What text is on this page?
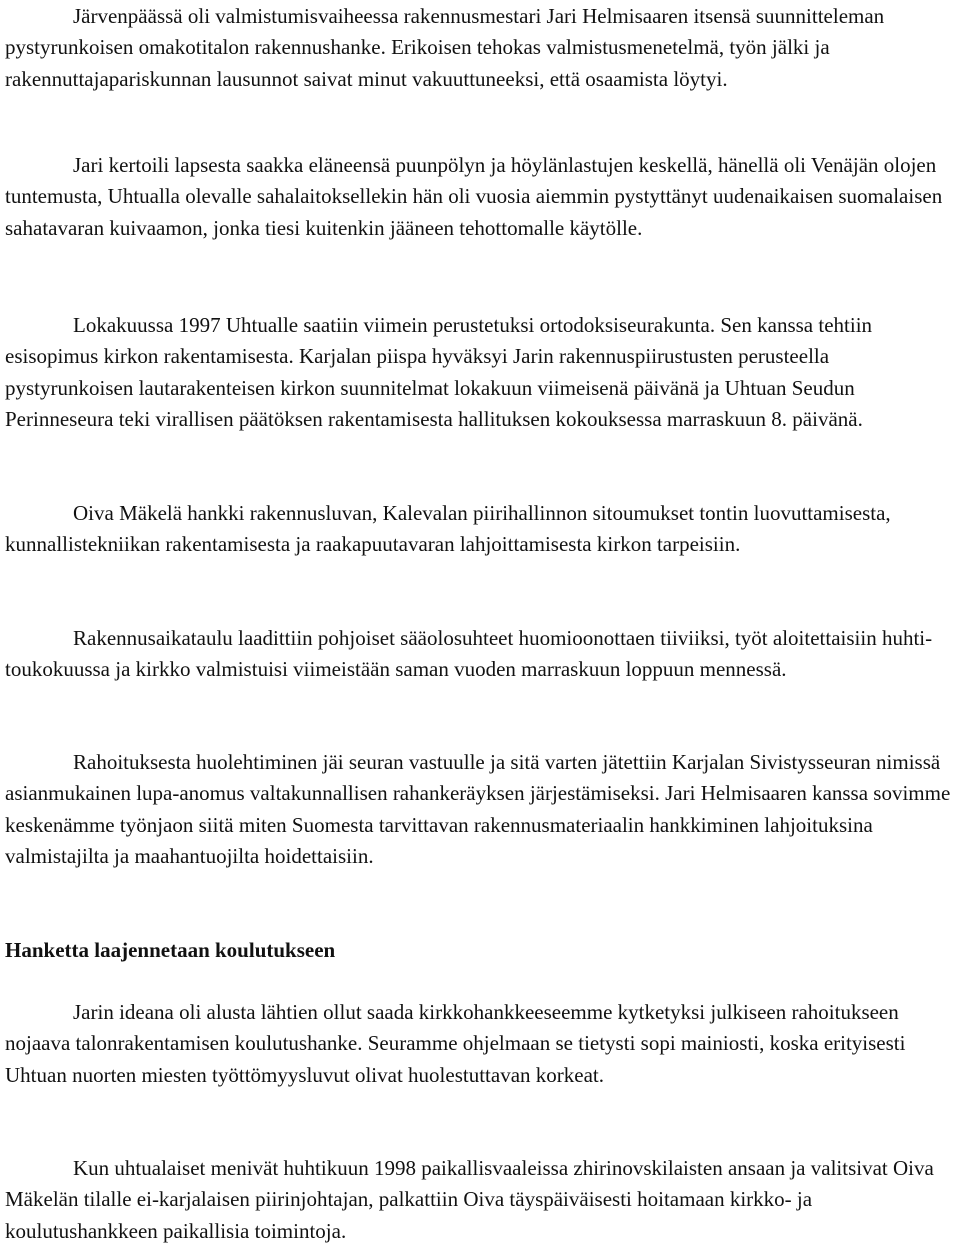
Järvenpäässä oli valmistumisvaiheessa rakennusmestari Jari Helmisaaren itsensä suunnitteleman pystyrunkoisen omakotitalon rakennushanke. Erikoisen tehokas valmistusmenetelmä, työn jälki ja rakennuttajapariskunnan lausunnot saivat minut vakuuttuneeksi, että osaamista löytyi.

Jari kertoili lapsesta saakka eläneensä puunpölyn ja höylänlastujen keskellä, hänellä oli Venäjän olojen tuntemusta, Uhtualla olevalle sahalaitoksellekin hän oli vuosia aiemmin pystyttänyt uudenaikaisen suomalaisen sahatavaran kuivaamon, jonka tiesi kuitenkin jääneen tehottomalle käytölle.

Lokakuussa 1997 Uhtualle saatiin viimein perustetuksi ortodoksiseurakunta. Sen kanssa tehtiin esisopimus kirkon rakentamisesta. Karjalan piispa hyväksyi Jarin rakennuspiirustusten perusteella pystyrunkoisen lautarakenteisen kirkon suunnitelmat lokakuun viimeisenä päivänä ja Uhtuan Seudun Perinneseura teki virallisen päätöksen rakentamisesta hallituksen kokouksessa marraskuun 8. päivänä.

Oiva Mäkelä hankki rakennusluvan, Kalevalan piirihallinnon sitoumukset tontin luovuttamisesta, kunnallistekniikan rakentamisesta ja raakapuutavaran lahjoittamisesta kirkon tarpeisiin.

Rakennusaikataulu laadittiin pohjoiset sääolosuhteet huomioonottaen tiiviiksi, työt aloitettaisiin huhti-toukokuussa ja kirkko valmistuisi viimeistään saman vuoden marraskuun loppuun mennessä.

Rahoituksesta huolehtiminen jäi seuran vastuulle ja sitä varten jätettiin Karjalan Sivistysseuran nimissä asianmukainen lupa-anomus valtakunnallisen rahankeräyksen järjestämiseksi. Jari Helmisaaren kanssa sovimme keskenämme työnjaon siitä miten Suomesta tarvittavan rakennusmateriaalin hankkiminen lahjoituksina valmistajilta ja maahantuojilta hoidettaisiin.

Hanketta laajennetaan koulutukseen

Jarin ideana oli alusta lähtien ollut saada kirkkohankkeeseemme kytketyksi julkiseen rahoitukseen nojaava talonrakentamisen koulutushanke. Seuramme ohjelmaan se tietysti sopi mainiosti, koska erityisesti Uhtuan nuorten miesten työttömyysluvut olivat huolestuttavan korkeat.

Kun uhtualaiset menivät huhtikuun 1998 paikallisvaaleissa zhirinovskilaisten ansaan ja valitsivat Oiva Mäkelän tilalle ei-karjalaisen piirinjohtajan, palkattiin Oiva täyspäiväisesti hoitamaan kirkko- ja koulutushankkeen paikallisia toimintoja.
